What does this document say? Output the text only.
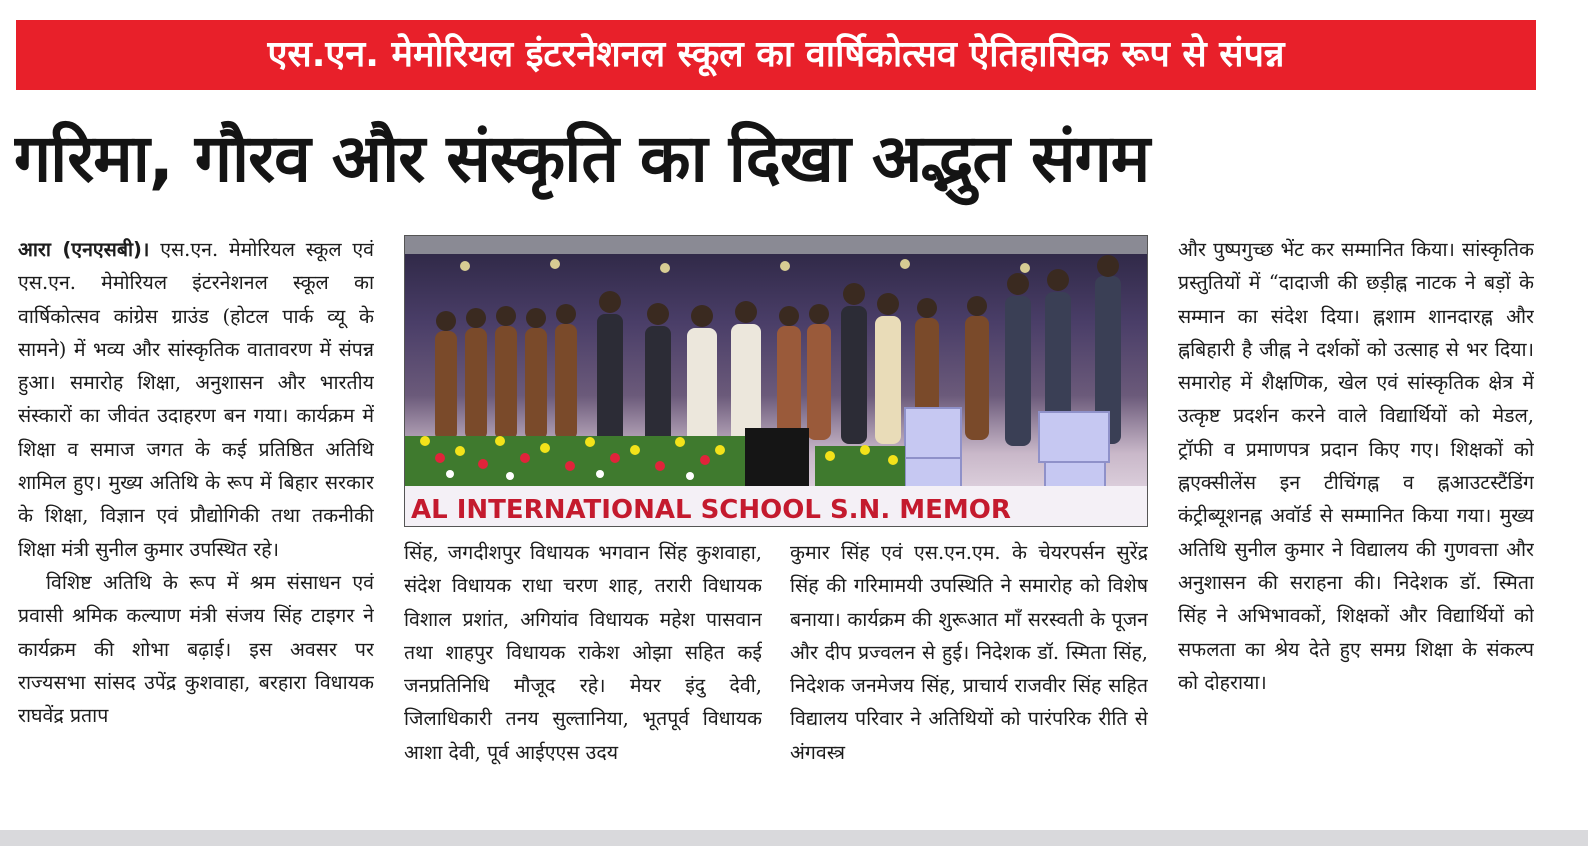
एस.एन. मेमोरियल इंटरनेशनल स्कूल का वार्षिकोत्सव ऐतिहासिक रूप से संपन्न
गरिमा, गौरव और संस्कृति का दिखा अद्भुत संगम

आरा (एनएसबी)। एस.एन. मेमोरियल स्कूल एवं एस.एन. मेमोरियल इंटरनेशनल स्कूल का वार्षिकोत्सव कांग्रेस ग्राउंड (होटल पार्क व्यू के सामने) में भव्य और सांस्कृतिक वातावरण में संपन्न हुआ। समारोह शिक्षा, अनुशासन और भारतीय संस्कारों का जीवंत उदाहरण बन गया। कार्यक्रम में शिक्षा व समाज जगत के कई प्रतिष्ठित अतिथि शामिल हुए। मुख्य अतिथि के रूप में बिहार सरकार के शिक्षा, विज्ञान एवं प्रौद्योगिकी तथा तकनीकी शिक्षा मंत्री सुनील कुमार उपस्थित रहे।

विशिष्ट अतिथि के रूप में श्रम संसाधन एवं प्रवासी श्रमिक कल्याण मंत्री संजय सिंह टाइगर ने कार्यक्रम की शोभा बढ़ाई। इस अवसर पर राज्यसभा सांसद उपेंद्र कुशवाहा, बरहारा विधायक राघवेंद्र प्रताप

AL INTERNATIONAL SCHOOL S.N. MEMOR

सिंह, जगदीशपुर विधायक भगवान सिंह कुशवाहा, संदेश विधायक राधा चरण शाह, तरारी विधायक विशाल प्रशांत, अगियांव विधायक महेश पासवान तथा शाहपुर विधायक राकेश ओझा सहित कई जनप्रतिनिधि मौजूद रहे। मेयर इंदु देवी, जिलाधिकारी तनय सुल्तानिया, भूतपूर्व विधायक आशा देवी, पूर्व आईएएस उदय

कुमार सिंह एवं एस.एन.एम. के चेयरपर्सन सुरेंद्र सिंह की गरिमामयी उपस्थिति ने समारोह को विशेष बनाया। कार्यक्रम की शुरूआत माँ सरस्वती के पूजन और दीप प्रज्वलन से हुई। निदेशक डॉ. स्मिता सिंह, निदेशक जनमेजय सिंह, प्राचार्य राजवीर सिंह सहित विद्यालय परिवार ने अतिथियों को पारंपरिक रीति से अंगवस्त्र

और पुष्पगुच्छ भेंट कर सम्मानित किया। सांस्कृतिक प्रस्तुतियों में “दादाजी की छड़ीह्न नाटक ने बड़ों के सम्मान का संदेश दिया। ह्नशाम शानदारह्न और ह्नबिहारी है जीह्न ने दर्शकों को उत्साह से भर दिया। समारोह में शैक्षणिक, खेल एवं सांस्कृतिक क्षेत्र में उत्कृष्ट प्रदर्शन करने वाले विद्यार्थियों को मेडल, ट्रॉफी व प्रमाणपत्र प्रदान किए गए। शिक्षकों को ह्नएक्सीलेंस इन टीचिंगह्न व ह्नआउटस्टैंडिंग कंट्रीब्यूशनह्न अवॉर्ड से सम्मानित किया गया। मुख्य अतिथि सुनील कुमार ने विद्यालय की गुणवत्ता और अनुशासन की सराहना की। निदेशक डॉ. स्मिता सिंह ने अभिभावकों, शिक्षकों और विद्यार्थियों को सफलता का श्रेय देते हुए समग्र शिक्षा के संकल्प को दोहराया।
